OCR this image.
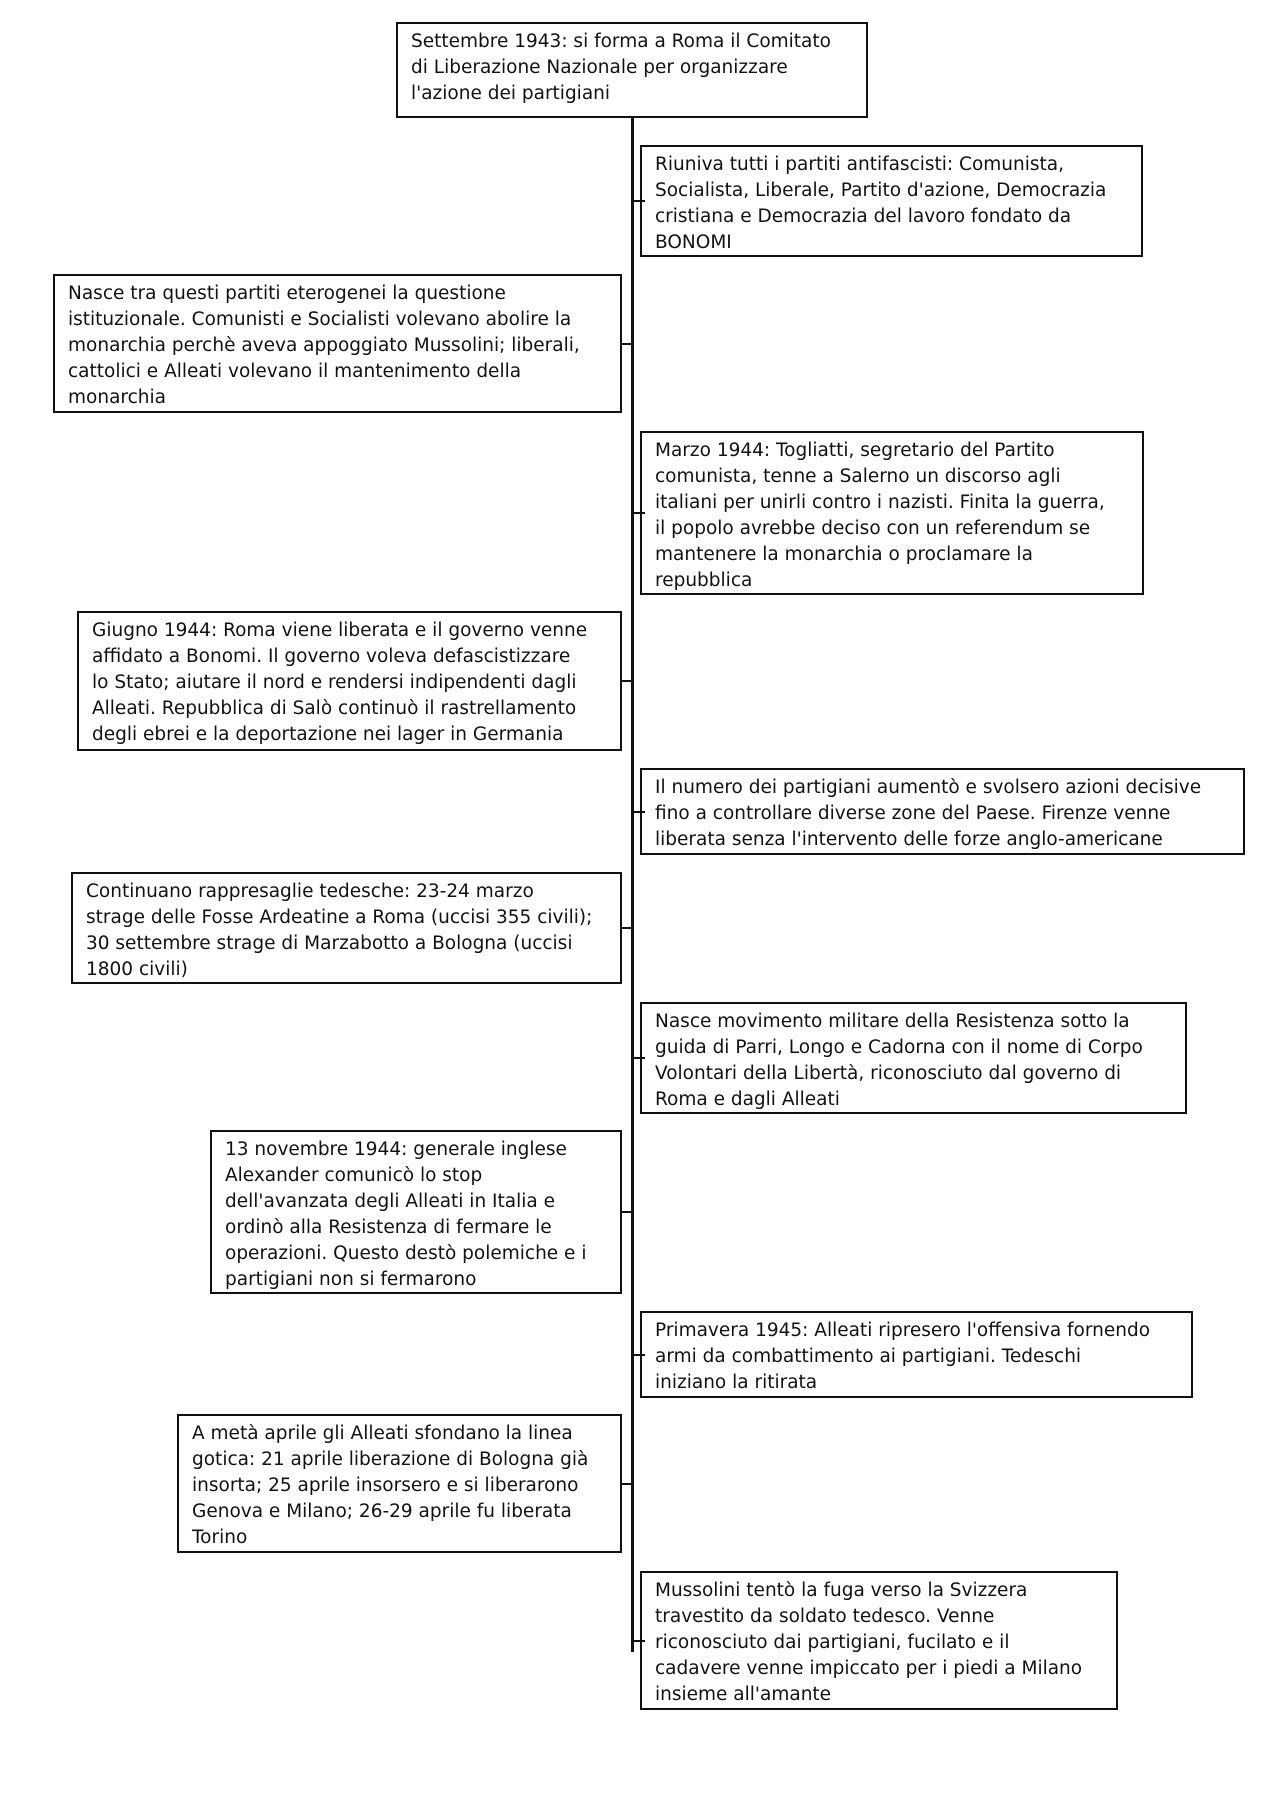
Settembre 1943: si forma a Roma il Comitato
di Liberazione Nazionale per organizzare
l'azione dei partigiani
Riuniva tutti i partiti antifascisti: Comunista,
Socialista, Liberale, Partito d'azione, Democrazia
cristiana e Democrazia del lavoro fondato da
BONOMI
Nasce tra questi partiti eterogenei la questione
istituzionale. Comunisti e Socialisti volevano abolire la
monarchia perchè aveva appoggiato Mussolini; liberali,
cattolici e Alleati volevano il mantenimento della
monarchia
Marzo 1944: Togliatti, segretario del Partito
comunista, tenne a Salerno un discorso agli
italiani per unirli contro i nazisti. Finita la guerra,
il popolo avrebbe deciso con un referendum se
mantenere la monarchia o proclamare la
repubblica
Giugno 1944: Roma viene liberata e il governo venne
affidato a Bonomi. Il governo voleva defascistizzare
lo Stato; aiutare il nord e rendersi indipendenti dagli
Alleati. Repubblica di Salò continuò il rastrellamento
degli ebrei e la deportazione nei lager in Germania
Il numero dei partigiani aumentò e svolsero azioni decisive
fino a controllare diverse zone del Paese. Firenze venne
liberata senza l'intervento delle forze anglo-americane
Continuano rappresaglie tedesche: 23-24 marzo
strage delle Fosse Ardeatine a Roma (uccisi 355 civili);
30 settembre strage di Marzabotto a Bologna (uccisi
1800 civili)
Nasce movimento militare della Resistenza sotto la
guida di Parri, Longo e Cadorna con il nome di Corpo
Volontari della Libertà, riconosciuto dal governo di
Roma e dagli Alleati
13 novembre 1944: generale inglese
Alexander comunicò lo stop
dell'avanzata degli Alleati in Italia e
ordinò alla Resistenza di fermare le
operazioni. Questo destò polemiche e i
partigiani non si fermarono
Primavera 1945: Alleati ripresero l'offensiva fornendo
armi da combattimento ai partigiani. Tedeschi
iniziano la ritirata
A metà aprile gli Alleati sfondano la linea
gotica: 21 aprile liberazione di Bologna già
insorta; 25 aprile insorsero e si liberarono
Genova e Milano; 26-29 aprile fu liberata
Torino
Mussolini tentò la fuga verso la Svizzera
travestito da soldato tedesco. Venne
riconosciuto dai partigiani, fucilato e il
cadavere venne impiccato per i piedi a Milano
insieme all'amante
